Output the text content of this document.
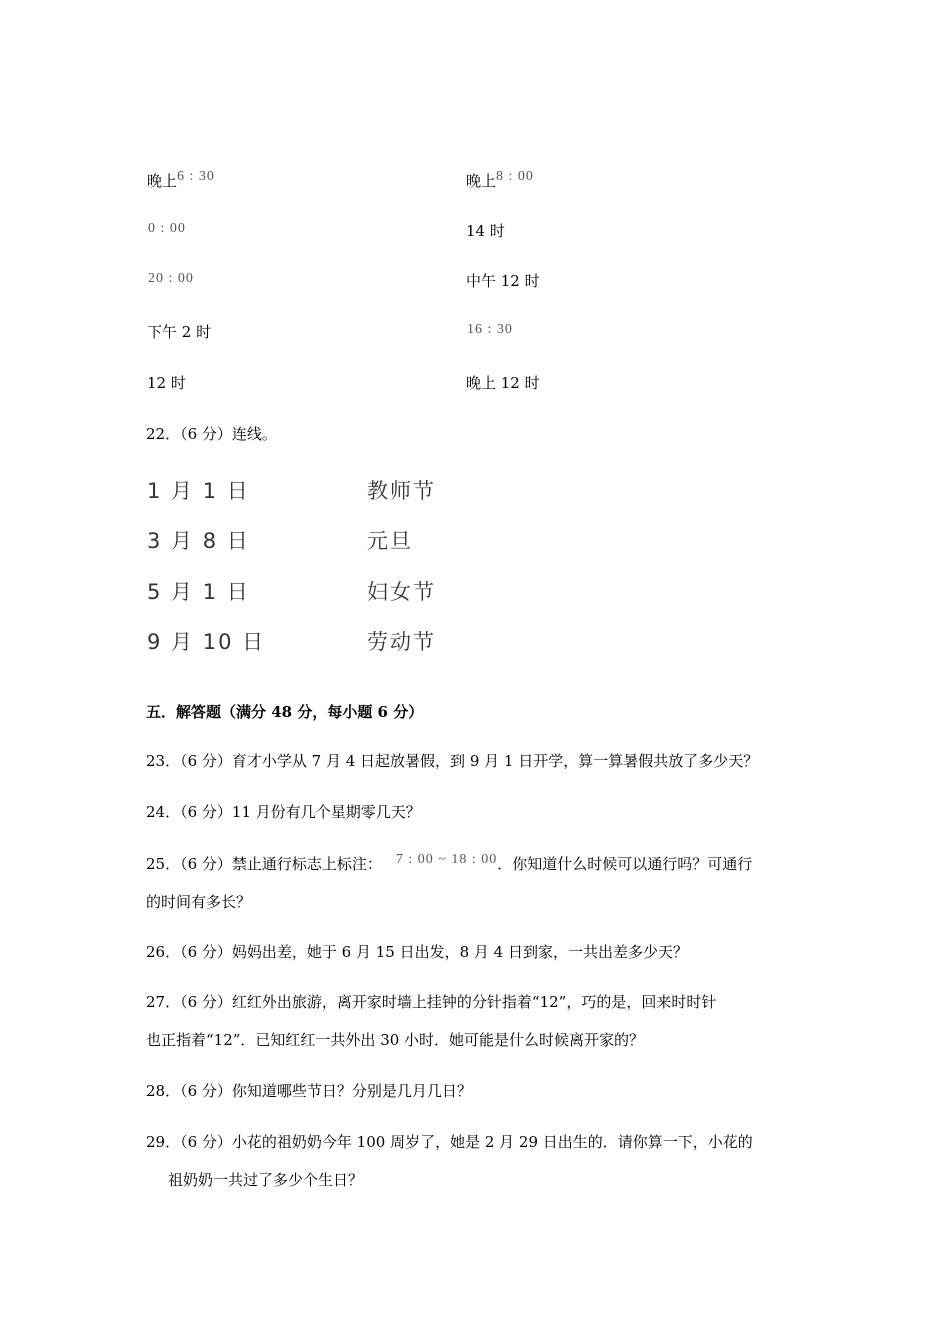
晚上6 : 30	晚上8 : 00
0 : 00	14 时
20 : 00	中午 12 时
下午 2 时	16 : 30
12 时	晚上 12 时
22．（6 分）连线。
1 月 1 日	教师节
3 月 8 日	元旦
5 月 1 日	妇女节
9 月 10 日	劳动节
五．解答题（满分 48 分，每小题 6 分）
23．（6 分）育才小学从 7 月 4 日起放暑假，到 9 月 1 日开学，算一算暑假共放了多少天？
24．（6 分）11 月份有几个星期零几天？
25．（6 分）禁止通行标志上标注： 7 : 00 ~ 18 : 00．你知道什么时候可以通行吗？可通行
的时间有多长？
26．（6 分）妈妈出差，她于 6 月 15 日出发，8 月 4 日到家，一共出差多少天？
27．（6 分）红红外出旅游，离开家时墙上挂钟的分针指着“12”，巧的是，回来时时针
也正指着“12”．已知红红一共外出 30 小时．她可能是什么时候离开家的？
28．（6 分）你知道哪些节日？分别是几月几日？
29．（6 分）小花的祖奶奶今年 100 周岁了，她是 2 月 29 日出生的．请你算一下，小花的
祖奶奶一共过了多少个生日？
